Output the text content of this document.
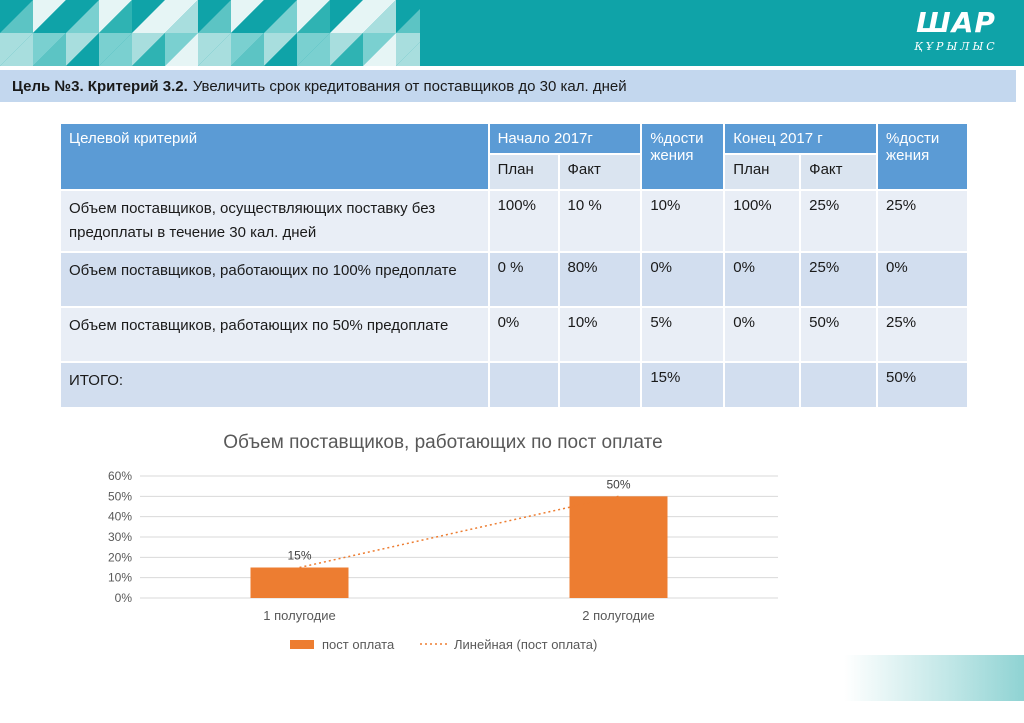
ШАР
ҚҰРЫЛЫС
Цель №3. Критерий 3.2. Увеличить срок кредитования от поставщиков до 30 кал. дней
Целевой критерий	Начало 2017г		%дости жения	Конец 2017 г		%дости жения
	План	Факт		План	Факт	
Объем поставщиков, осуществляющих поставку без предоплаты в течение 30 кал. дней	100%	10 %	10%	100%	25%	25%
Объем поставщиков, работающих по 100% предоплате	0 %	80%	0%	0%	25%	0%
Объем поставщиков, работающих по 50% предоплате	0%	10%	5%	0%	50%	25%
ИТОГО:			15%			50%
Объем поставщиков, работающих по пост оплате
0%
10%
20%
30%
40%
50%
60%
15%
1 полугодие
50%
2 полугодие
пост оплата	Линейная (пост оплата)
